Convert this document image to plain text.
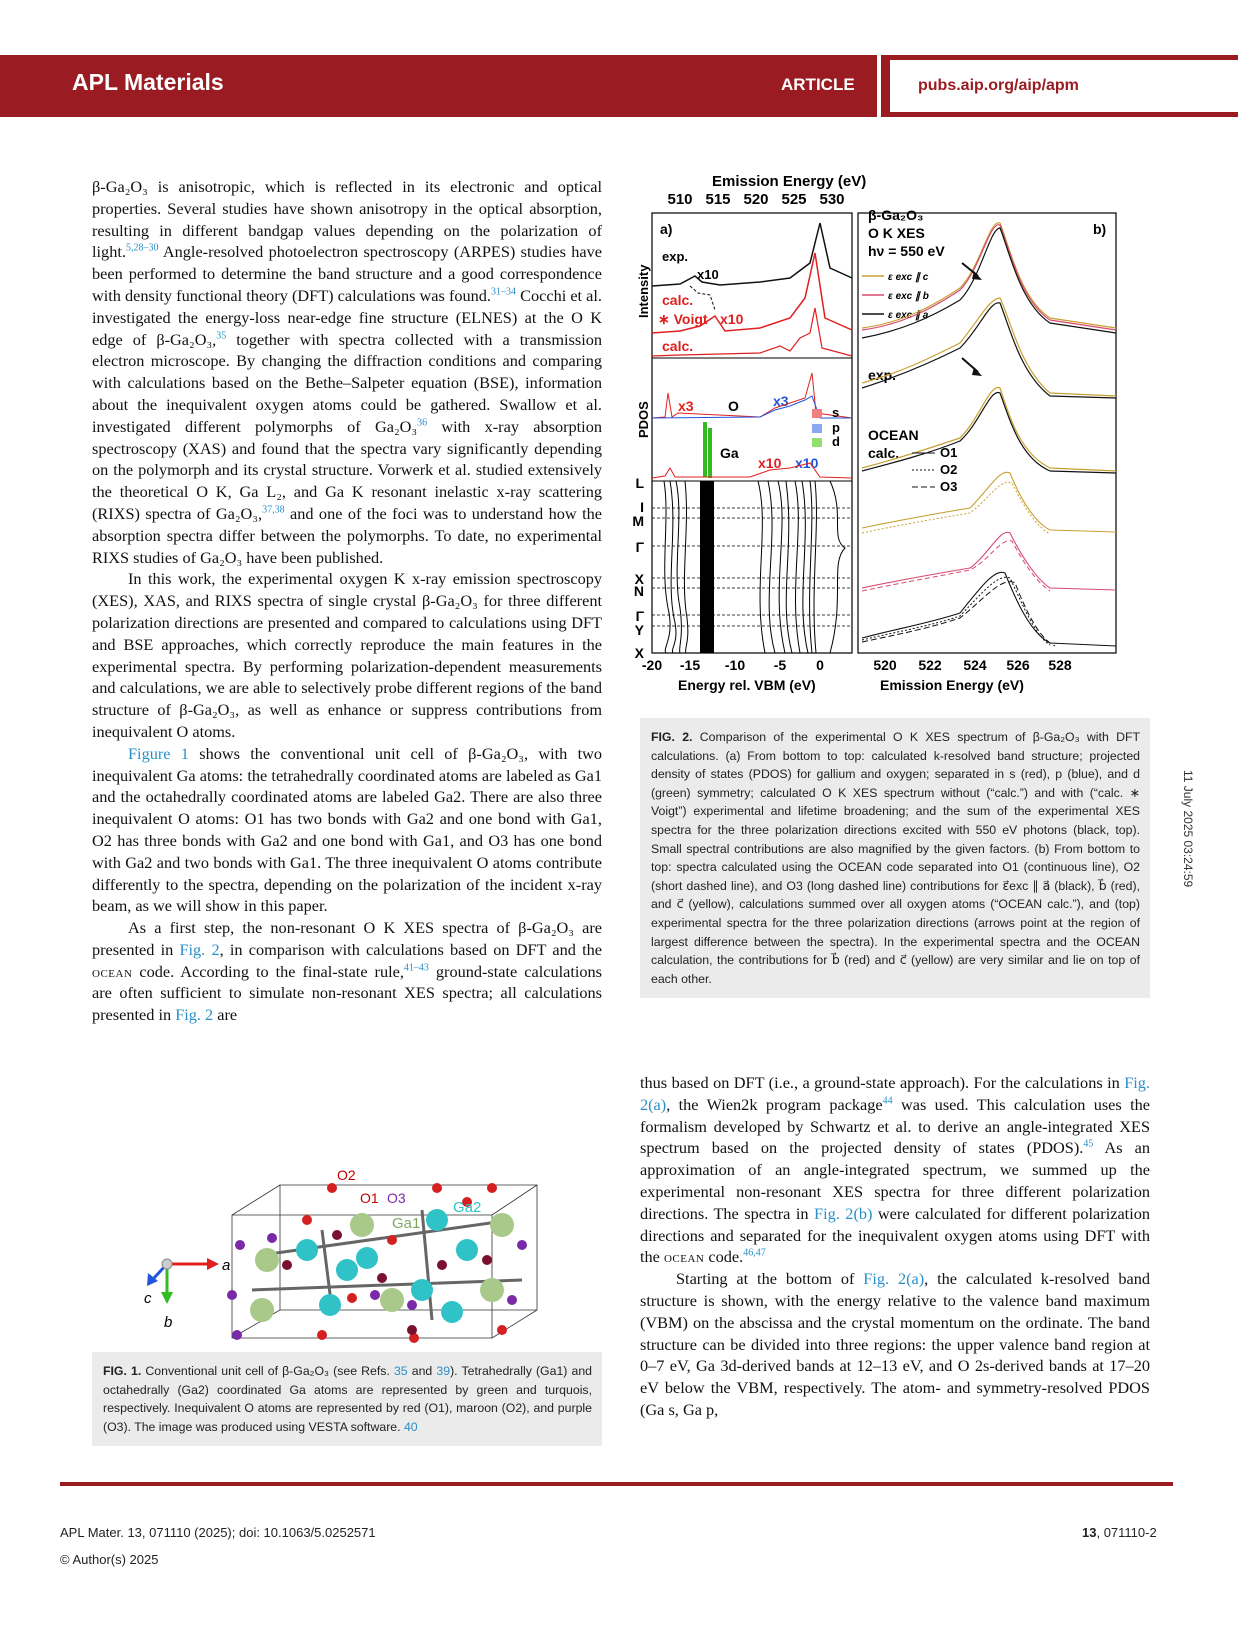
APL Materials	ARTICLE	pubs.aip.org/aip/apm

β-Ga₂O₃ is anisotropic, which is reflected in its electronic and optical properties. Several studies have shown anisotropy in the optical absorption, resulting in different bandgap values depending on the polarization of light.$^{5,28-30}$ Angle-resolved photoelectron spectroscopy (ARPES) studies have been performed to determine the band structure and a good correspondence with density functional theory (DFT) calculations was found.$^{31-34}$ Cocchi et al. investigated the energy-loss near-edge fine structure (ELNES) at the O K edge of β-Ga₂O₃,$^{35}$ together with spectra collected with a transmission electron microscope. By changing the diffraction conditions and comparing with calculations based on the Bethe–Salpeter equation (BSE), information about the inequivalent oxygen atoms could be gathered. Swallow et al. investigated different polymorphs of Ga₂O₃$^{36}$ with x-ray absorption spectroscopy (XAS) and found that the spectra vary significantly depending on the polymorph and its crystal structure. Vorwerk et al. studied extensively the theoretical O K, Ga L₂, and Ga K resonant inelastic x-ray scattering (RIXS) spectra of Ga₂O₃,$^{37,38}$ and one of the foci was to understand how the absorption spectra differ between the polymorphs. To date, no experimental RIXS studies of Ga₂O₃ have been published.

In this work, the experimental oxygen K x-ray emission spectroscopy (XES), XAS, and RIXS spectra of single crystal β-Ga₂O₃ for three different polarization directions are presented and compared to calculations using DFT and BSE approaches, which correctly reproduce the main features in the experimental spectra. By performing polarization-dependent measurements and calculations, we are able to selectively probe different regions of the band structure of β-Ga₂O₃, as well as enhance or suppress contributions from inequivalent O atoms.

Figure 1 shows the conventional unit cell of β-Ga₂O₃, with two inequivalent Ga atoms: the tetrahedrally coordinated atoms are labeled as Ga1 and the octahedrally coordinated atoms are labeled Ga2. There are also three inequivalent O atoms: O1 has two bonds with Ga2 and one bond with Ga1, O2 has three bonds with Ga2 and one bond with Ga1, and O3 has one bond with Ga2 and two bonds with Ga1. The three inequivalent O atoms contribute differently to the spectra, depending on the polarization of the incident x-ray beam, as we will show in this paper.

As a first step, the non-resonant O K XES spectra of β-Ga₂O₃ are presented in Fig. 2, in comparison with calculations based on DFT and the ocean code. According to the final-state rule,$^{41-43}$ ground-state calculations are often sufficient to simulate non-resonant XES spectra; all calculations presented in Fig. 2 are

O2
O1 O3
Ga2
Ga1
a
c
b
FIG. 1. Conventional unit cell of β-Ga₂O₃ (see Refs. 35 and 39). Tetrahedrally (Ga1) and octahedrally (Ga2) coordinated Ga atoms are represented by green and turquois, respectively. Inequivalent O atoms are represented by red (O1), maroon (O2), and purple (O3). The image was produced using VESTA software. 40
Emission Energy (eV)
510 515 520 525 530
a)
exp.
x10
calc.
∗ Voigt x10
calc.
Intensity
PDOS x3 O x3
Ga
x10 x10
s
p
d
L
I
M
Γ
X
N
Γ
Y
X
-20 -15 -10 -5 0
Energy rel. VBM (eV)
b)
β-Ga₂O₃
O K XES
hν = 550 eV
ε exc ∥ c
ε exc ∥ b
ε exc ∥ a
exp.
OCEAN
calc.	O1
O2
O3
520 522 524 526 528
Emission Energy (eV)
FIG. 2. Comparison of the experimental O K XES spectrum of β-Ga₂O₃ with DFT calculations. (a) From bottom to top: calculated k-resolved band structure; projected density of states (PDOS) for gallium and oxygen; separated in s (red), p (blue), and d (green) symmetry; calculated O K XES spectrum without (“calc.”) and with (“calc. ∗ Voigt”) experimental and lifetime broadening; and the sum of the experimental XES spectra for the three polarization directions excited with 550 eV photons (black, top). Small spectral contributions are also magnified by the given factors. (b) From bottom to top: spectra calculated using the OCEAN code separated into O1 (continuous line), O2 (short dashed line), and O3 (long dashed line) contributions for ε⃗exc ∥ a⃗ (black), b⃗ (red), and c⃗ (yellow), calculations summed over all oxygen atoms (“OCEAN calc.”), and (top) experimental spectra for the three polarization directions (arrows point at the region of largest difference between the spectra). In the experimental spectra and the OCEAN calculation, the contributions for b⃗ (red) and c⃗ (yellow) are very similar and lie on top of each other.

thus based on DFT (i.e., a ground-state approach). For the calculations in Fig. 2(a), the Wien2k program package$^{44}$ was used. This calculation uses the formalism developed by Schwartz et al. to derive an angle-integrated XES spectrum based on the projected density of states (PDOS).$^{45}$ As an approximation of an angle-integrated spectrum, we summed up the experimental non-resonant XES spectra for three different polarization directions. The spectra in Fig. 2(b) were calculated for different polarization directions and separated for the inequivalent oxygen atoms using DFT with the ocean code.$^{46,47}$

Starting at the bottom of Fig. 2(a), the calculated k-resolved band structure is shown, with the energy relative to the valence band maximum (VBM) on the abscissa and the crystal momentum on the ordinate. The band structure can be divided into three regions: the upper valence band region at 0–7 eV, Ga 3d-derived bands at 12–13 eV, and O 2s-derived bands at 17–20 eV below the VBM, respectively. The atom- and symmetry-resolved PDOS (Ga s, Ga p,

11 July 2025 03:24:59
APL Mater. 13, 071110 (2025); doi: 10.1063/5.0252571
© Author(s) 2025
13, 071110-2
